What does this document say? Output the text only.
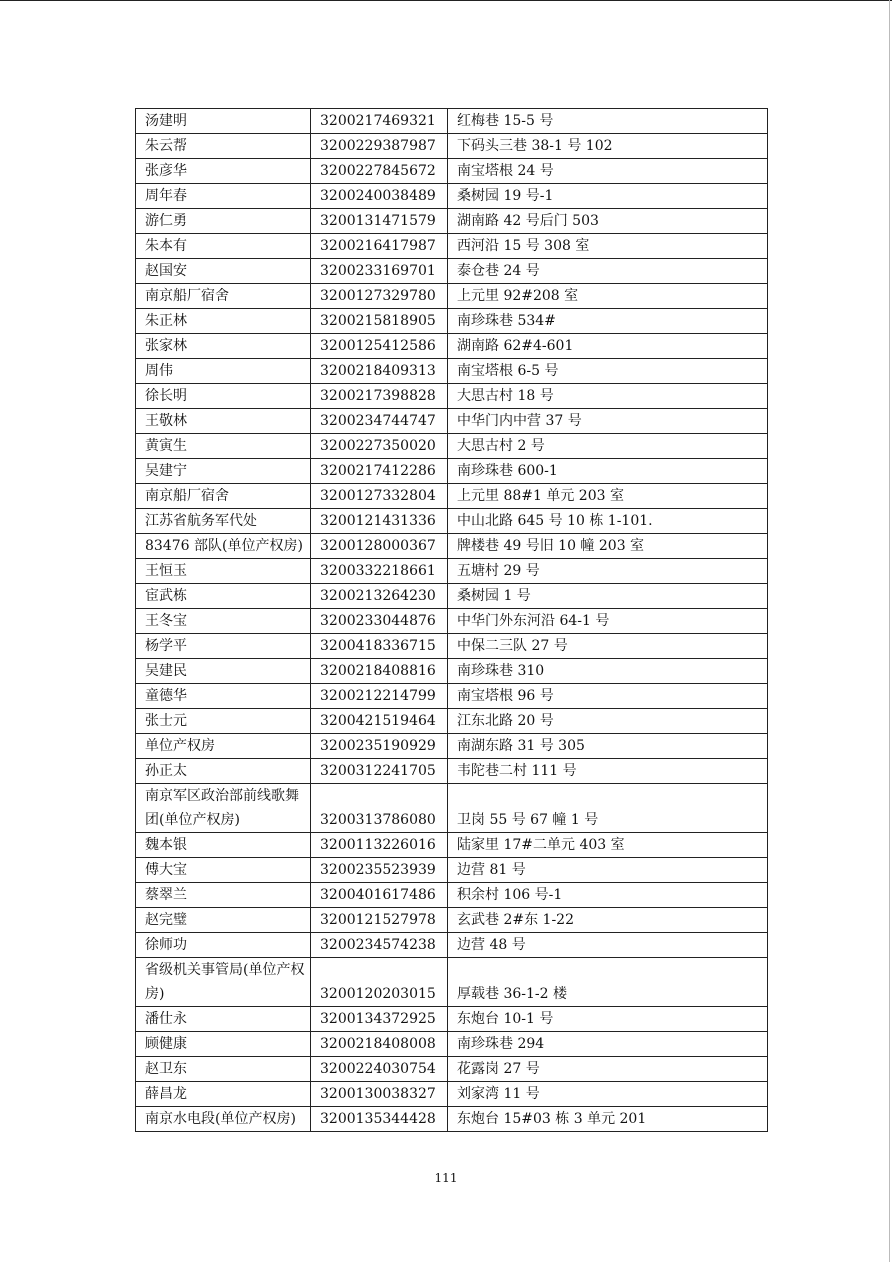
汤建明	3200217469321	红梅巷 15-5 号
朱云帮	3200229387987	下码头三巷 38-1 号 102
张彦华	3200227845672	南宝塔根 24 号
周年春	3200240038489	桑树园 19 号-1
游仁勇	3200131471579	湖南路 42 号后门 503
朱本有	3200216417987	西河沿 15 号 308 室
赵国安	3200233169701	泰仓巷 24 号
南京船厂宿舍	3200127329780	上元里 92#208 室
朱正林	3200215818905	南珍珠巷 534#
张家林	3200125412586	湖南路 62#4-601
周伟	3200218409313	南宝塔根 6-5 号
徐长明	3200217398828	大思古村 18 号
王敬林	3200234744747	中华门内中营 37 号
黄寅生	3200227350020	大思古村 2 号
吴建宁	3200217412286	南珍珠巷 600-1
南京船厂宿舍	3200127332804	上元里 88#1 单元 203 室
江苏省航务军代处	3200121431336	中山北路 645 号 10 栋 1-101.
83476 部队(单位产权房)	3200128000367	牌楼巷 49 号旧 10 幢 203 室
王恒玉	3200332218661	五塘村 29 号
宦武栋	3200213264230	桑树园 1 号
王冬宝	3200233044876	中华门外东河沿 64-1 号
杨学平	3200418336715	中保二三队 27 号
吴建民	3200218408816	南珍珠巷 310
童德华	3200212214799	南宝塔根 96 号
张士元	3200421519464	江东北路 20 号
单位产权房	3200235190929	南湖东路 31 号 305
孙正太	3200312241705	韦陀巷二村 111 号
南京军区政治部前线歌舞团(单位产权房)	3200313786080	卫岗 55 号 67 幢 1 号
魏本银	3200113226016	陆家里 17#二单元 403 室
傅大宝	3200235523939	边营 81 号
蔡翠兰	3200401617486	积余村 106 号-1
赵完璧	3200121527978	玄武巷 2#东 1-22
徐师功	3200234574238	边营 48 号
省级机关事管局(单位产权房)	3200120203015	厚载巷 36-1-2 楼
潘仕永	3200134372925	东炮台 10-1 号
顾健康	3200218408008	南珍珠巷 294
赵卫东	3200224030754	花露岗 27 号
薛昌龙	3200130038327	刘家湾 11 号
南京水电段(单位产权房)	3200135344428	东炮台 15#03 栋 3 单元 201
111
